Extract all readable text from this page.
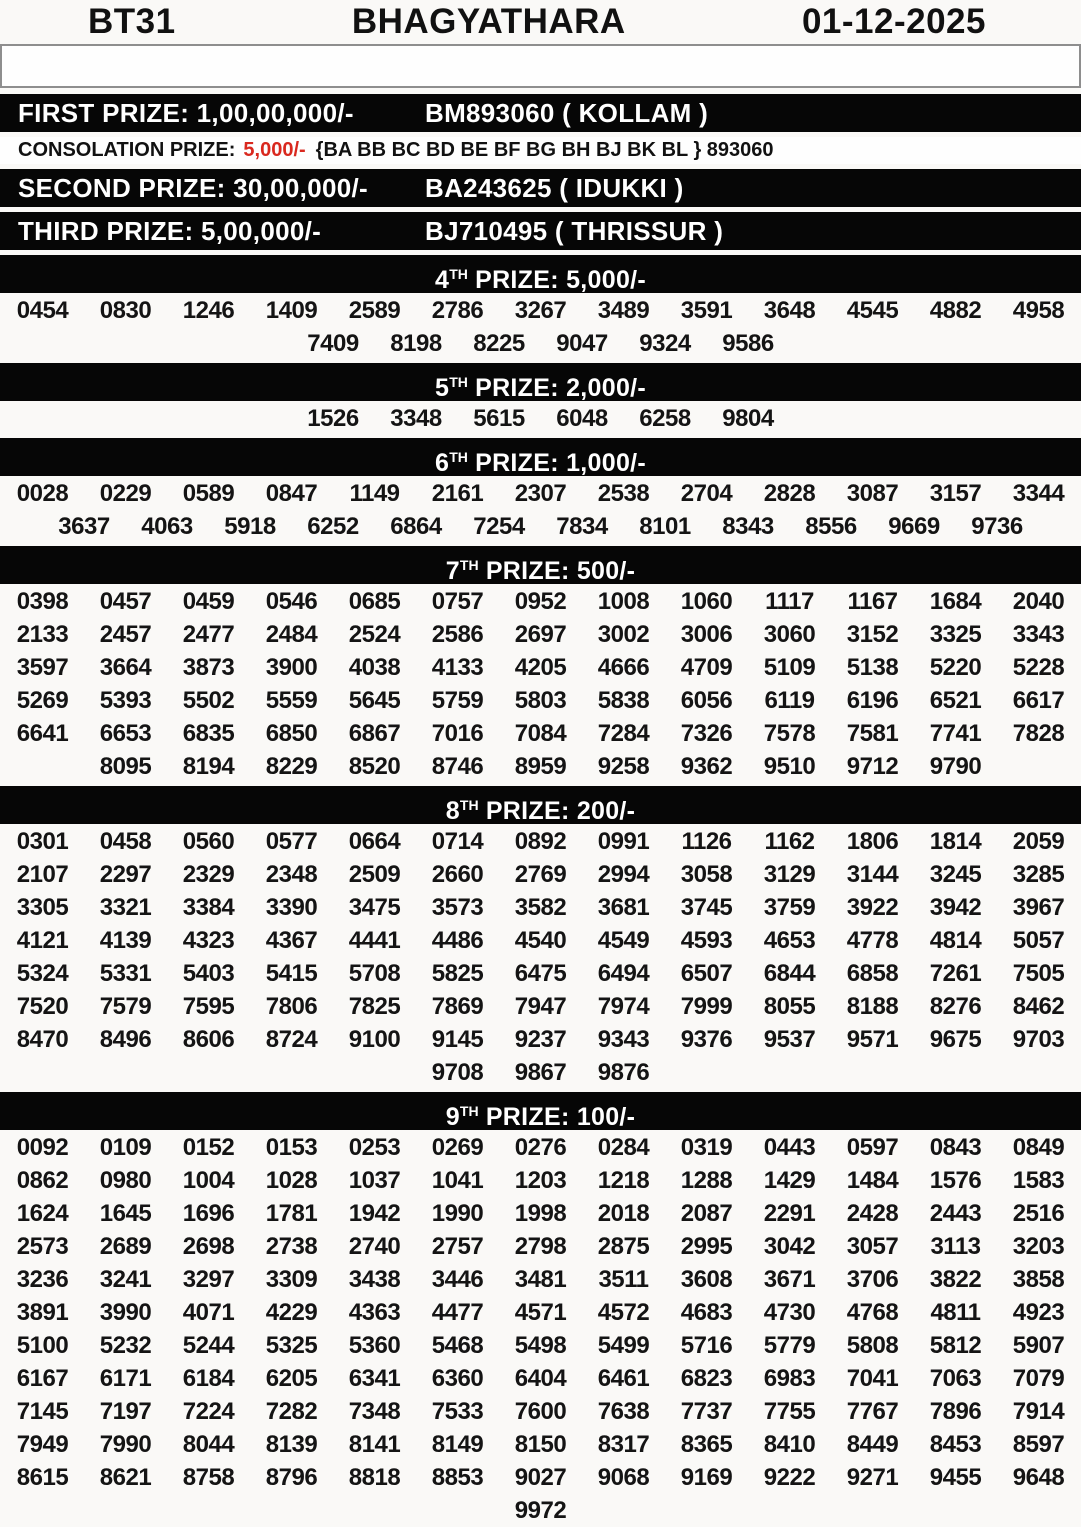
BT31	BHAGYATHARA	01-12-2025
FIRST PRIZE: 1,00,00,000/-	BM893060 ( KOLLAM )
CONSOLATION PRIZE: 5,000/- {BA BB BC BD BE BF BG BH BJ BK BL } 893060
SECOND PRIZE: 30,00,000/-	BA243625 ( IDUKKI )
THIRD PRIZE: 5,00,000/-	BJ710495 ( THRISSUR )
4TH PRIZE: 5,000/-
0454	0830	1246	1409	2589	2786	3267	3489	3591	3648	4545	4882	4958
7409	8198	8225	9047	9324	9586
5TH PRIZE: 2,000/-
1526	3348	5615	6048	6258	9804
6TH PRIZE: 1,000/-
0028	0229	0589	0847	1149	2161	2307	2538	2704	2828	3087	3157	3344
3637	4063	5918	6252	6864	7254	7834	8101	8343	8556	9669	9736
7TH PRIZE: 500/-
0398	0457	0459	0546	0685	0757	0952	1008	1060	1117	1167	1684	2040
2133	2457	2477	2484	2524	2586	2697	3002	3006	3060	3152	3325	3343
3597	3664	3873	3900	4038	4133	4205	4666	4709	5109	5138	5220	5228
5269	5393	5502	5559	5645	5759	5803	5838	6056	6119	6196	6521	6617
6641	6653	6835	6850	6867	7016	7084	7284	7326	7578	7581	7741	7828
8095	8194	8229	8520	8746	8959	9258	9362	9510	9712	9790
8TH PRIZE: 200/-
0301	0458	0560	0577	0664	0714	0892	0991	1126	1162	1806	1814	2059
2107	2297	2329	2348	2509	2660	2769	2994	3058	3129	3144	3245	3285
3305	3321	3384	3390	3475	3573	3582	3681	3745	3759	3922	3942	3967
4121	4139	4323	4367	4441	4486	4540	4549	4593	4653	4778	4814	5057
5324	5331	5403	5415	5708	5825	6475	6494	6507	6844	6858	7261	7505
7520	7579	7595	7806	7825	7869	7947	7974	7999	8055	8188	8276	8462
8470	8496	8606	8724	9100	9145	9237	9343	9376	9537	9571	9675	9703
9708	9867	9876
9TH PRIZE: 100/-
0092	0109	0152	0153	0253	0269	0276	0284	0319	0443	0597	0843	0849
0862	0980	1004	1028	1037	1041	1203	1218	1288	1429	1484	1576	1583
1624	1645	1696	1781	1942	1990	1998	2018	2087	2291	2428	2443	2516
2573	2689	2698	2738	2740	2757	2798	2875	2995	3042	3057	3113	3203
3236	3241	3297	3309	3438	3446	3481	3511	3608	3671	3706	3822	3858
3891	3990	4071	4229	4363	4477	4571	4572	4683	4730	4768	4811	4923
5100	5232	5244	5325	5360	5468	5498	5499	5716	5779	5808	5812	5907
6167	6171	6184	6205	6341	6360	6404	6461	6823	6983	7041	7063	7079
7145	7197	7224	7282	7348	7533	7600	7638	7737	7755	7767	7896	7914
7949	7990	8044	8139	8141	8149	8150	8317	8365	8410	8449	8453	8597
8615	8621	8758	8796	8818	8853	9027	9068	9169	9222	9271	9455	9648
9972
